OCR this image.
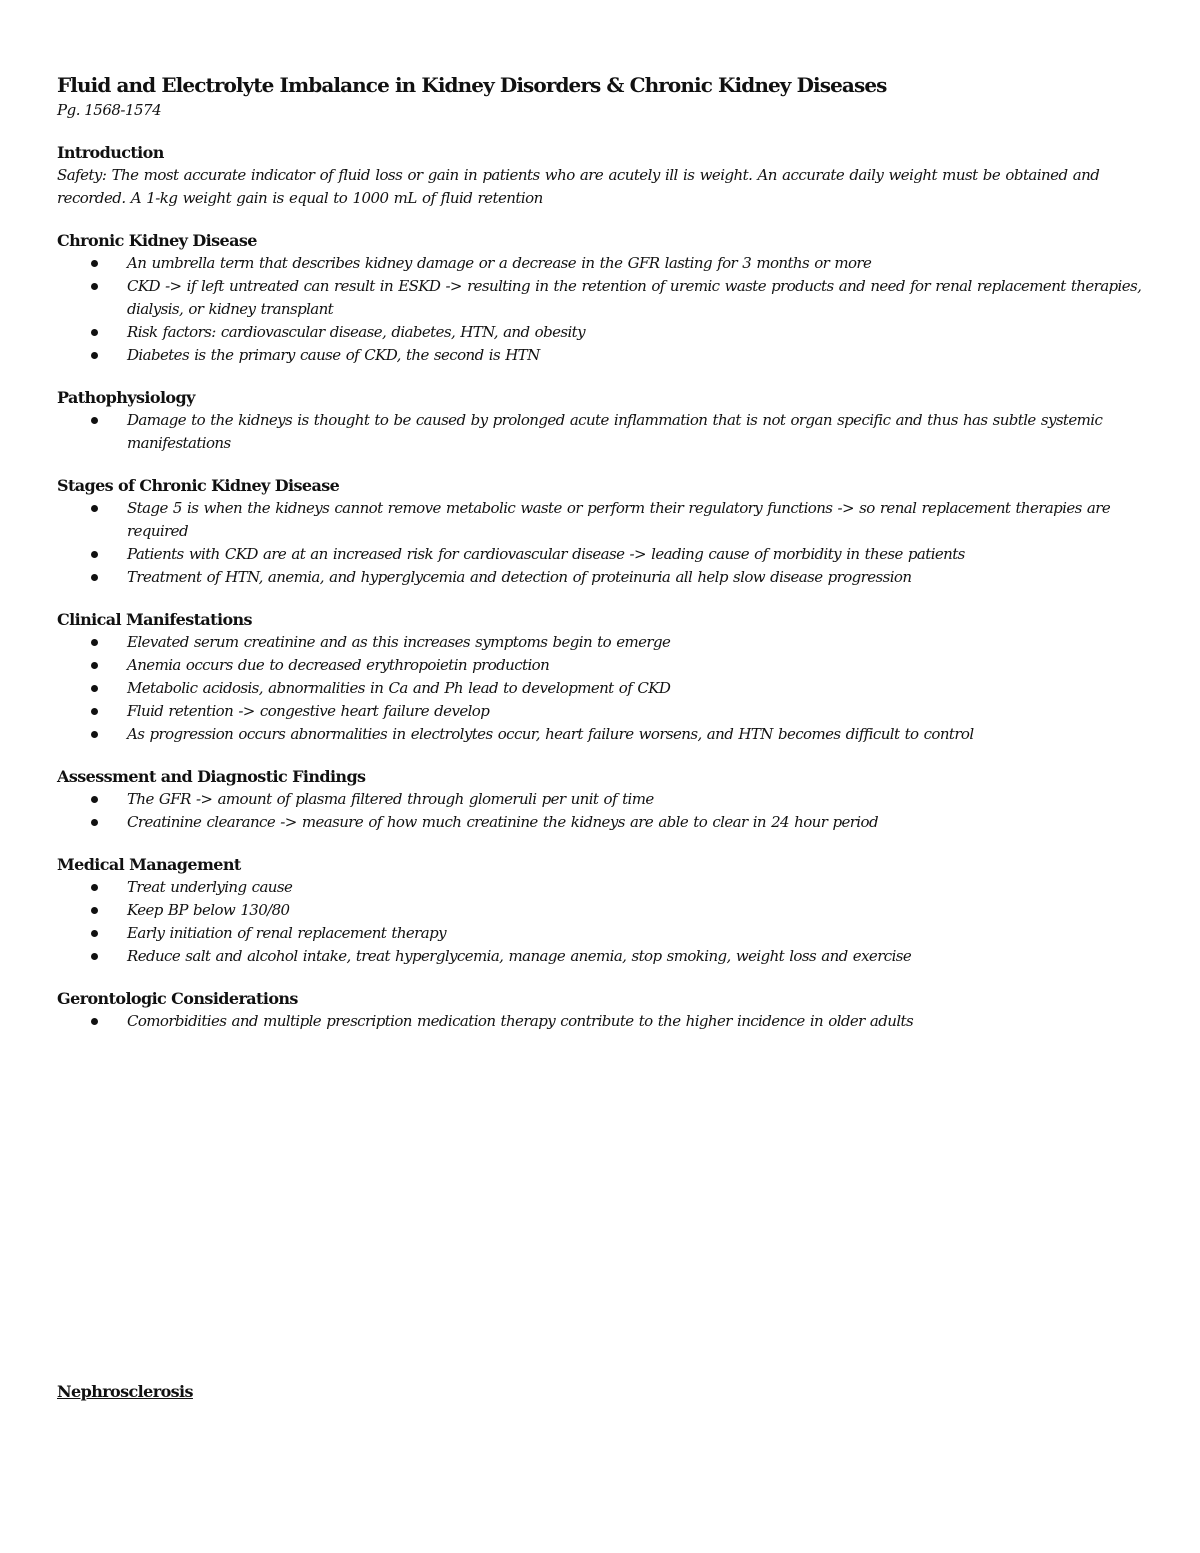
Fluid and Electrolyte Imbalance in Kidney Disorders & Chronic Kidney Diseases

Pg. 1568-1574

Introduction

Safety: The most accurate indicator of fluid loss or gain in patients who are acutely ill is weight. An accurate daily weight must be obtained and recorded. A 1-kg weight gain is equal to 1000 mL of fluid retention

Chronic Kidney Disease

An umbrella term that describes kidney damage or a decrease in the GFR lasting for 3 months or more
CKD -> if left untreated can result in ESKD -> resulting in the retention of uremic waste products and need for renal replacement therapies, dialysis, or kidney transplant
Risk factors: cardiovascular disease, diabetes, HTN, and obesity
Diabetes is the primary cause of CKD, the second is HTN

Pathophysiology

Damage to the kidneys is thought to be caused by prolonged acute inflammation that is not organ specific and thus has subtle systemic manifestations

Stages of Chronic Kidney Disease

Stage 5 is when the kidneys cannot remove metabolic waste or perform their regulatory functions -> so renal replacement therapies are required
Patients with CKD are at an increased risk for cardiovascular disease -> leading cause of morbidity in these patients
Treatment of HTN, anemia, and hyperglycemia and detection of proteinuria all help slow disease progression

Clinical Manifestations

Elevated serum creatinine and as this increases symptoms begin to emerge
Anemia occurs due to decreased erythropoietin production
Metabolic acidosis, abnormalities in Ca and Ph lead to development of CKD
Fluid retention -> congestive heart failure develop
As progression occurs abnormalities in electrolytes occur, heart failure worsens, and HTN becomes difficult to control

Assessment and Diagnostic Findings

The GFR -> amount of plasma filtered through glomeruli per unit of time
Creatinine clearance -> measure of how much creatinine the kidneys are able to clear in 24 hour period

Medical Management

Treat underlying cause
Keep BP below 130/80
Early initiation of renal replacement therapy
Reduce salt and alcohol intake, treat hyperglycemia, manage anemia, stop smoking, weight loss and exercise

Gerontologic Considerations

Comorbidities and multiple prescription medication therapy contribute to the higher incidence in older adults

Nephrosclerosis
